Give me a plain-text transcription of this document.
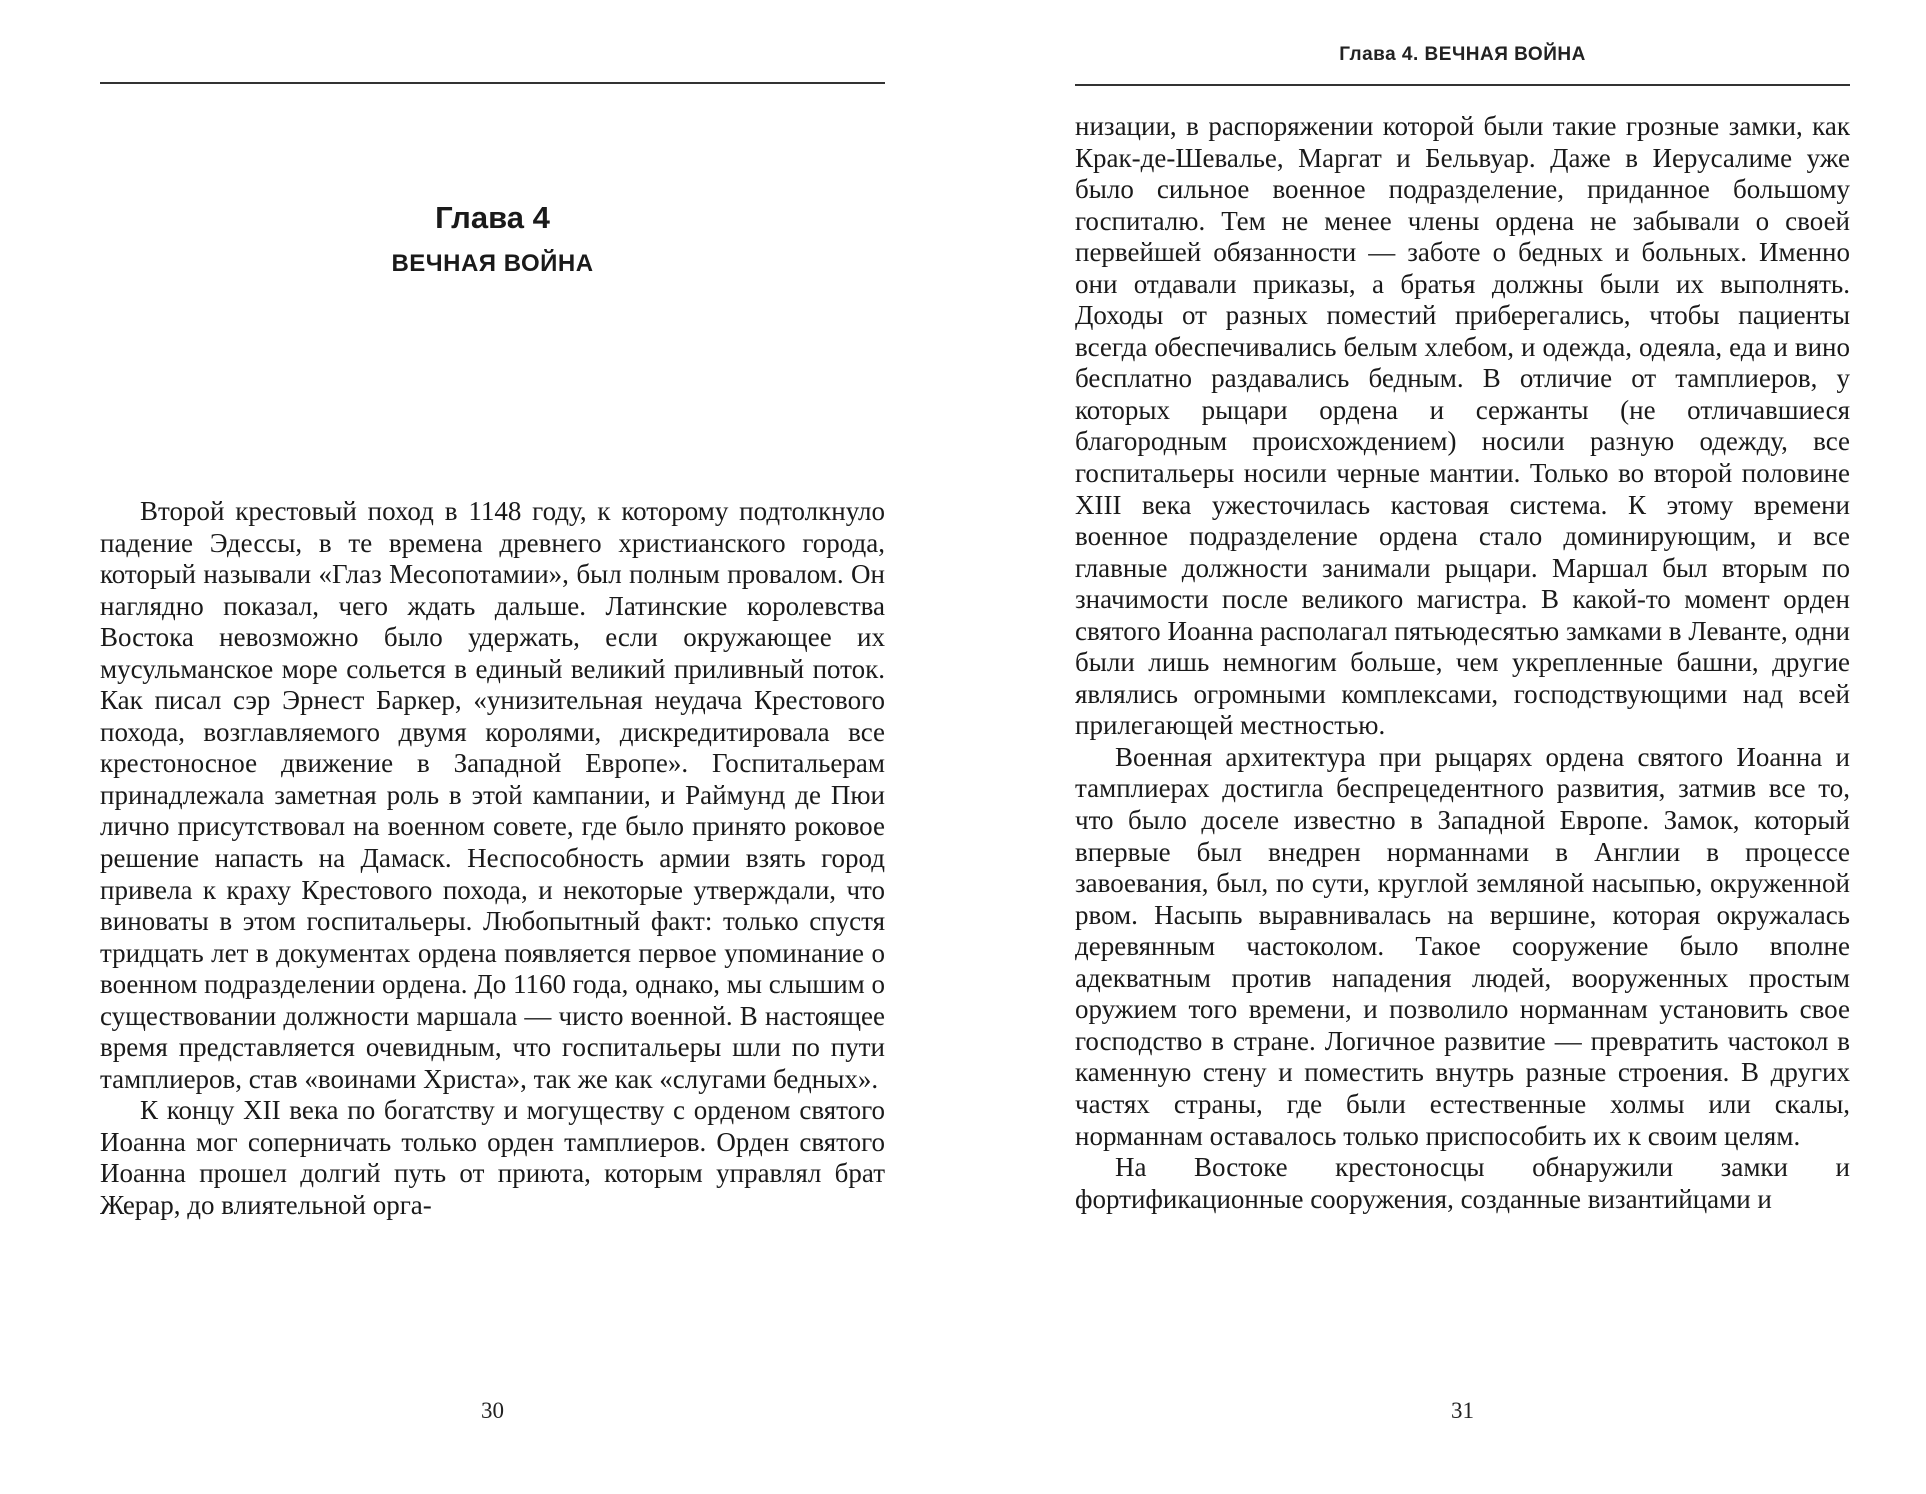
Глава 4
ВЕЧНАЯ ВОЙНА

Второй крестовый поход в 1148 году, к которому подтолкнуло падение Эдессы, в те времена древнего христианского города, который называли «Глаз Месопотамии», был полным провалом. Он наглядно показал, чего ждать дальше. Латинские королевства Востока невозможно было удержать, если окружающее их мусульманское море сольется в единый великий приливный поток. Как писал сэр Эрнест Баркер, «унизительная неудача Крестового похода, возглавляемого двумя королями, дискредитировала все крестоносное движение в Западной Европе». Госпитальерам принадлежала заметная роль в этой кампании, и Раймунд де Пюи лично присутствовал на военном совете, где было принято роковое решение напасть на Дамаск. Неспособность армии взять город привела к краху Крестового похода, и некоторые утверждали, что виноваты в этом госпитальеры. Любопытный факт: только спустя тридцать лет в документах ордена появляется первое упоминание о военном подразделении ордена. До 1160 года, однако, мы слышим о существовании должности маршала — чисто военной. В настоящее время представляется очевидным, что госпитальеры шли по пути тамплиеров, став «воинами Христа», так же как «слугами бедных».

К концу XII века по богатству и могуществу с орденом святого Иоанна мог соперничать только орден тамплиеров. Орден святого Иоанна прошел долгий путь от приюта, которым управлял брат Жерар, до влиятельной орга-

30
Глава 4. ВЕЧНАЯ ВОЙНА

низации, в распоряжении которой были такие грозные замки, как Крак-де-Шевалье, Маргат и Бельвуар. Даже в Иерусалиме уже было сильное военное подразделение, приданное большому госпиталю. Тем не менее члены ордена не забывали о своей первейшей обязанности — заботе о бедных и больных. Именно они отдавали приказы, а братья должны были их выполнять. Доходы от разных поместий приберегались, чтобы пациенты всегда обеспечивались белым хлебом, и одежда, одеяла, еда и вино бесплатно раздавались бедным. В отличие от тамплиеров, у которых рыцари ордена и сержанты (не отличавшиеся благородным происхождением) носили разную одежду, все госпитальеры носили черные мантии. Только во второй половине XIII века ужесточилась кастовая система. К этому времени военное подразделение ордена стало доминирующим, и все главные должности занимали рыцари. Маршал был вторым по значимости после великого магистра. В какой-то момент орден святого Иоанна располагал пятьюдесятью замками в Леванте, одни были лишь немногим больше, чем укрепленные башни, другие являлись огромными комплексами, господствующими над всей прилегающей местностью.

Военная архитектура при рыцарях ордена святого Иоанна и тамплиерах достигла беспрецедентного развития, затмив все то, что было доселе известно в Западной Европе. Замок, который впервые был внедрен норманнами в Англии в процессе завоевания, был, по сути, круглой земляной насыпью, окруженной рвом. Насыпь выравнивалась на вершине, которая окружалась деревянным частоколом. Такое сооружение было вполне адекватным против нападения людей, вооруженных простым оружием того времени, и позволило норманнам установить свое господство в стране. Логичное развитие — превратить частокол в каменную стену и поместить внутрь разные строения. В других частях страны, где были естественные холмы или скалы, норманнам оставалось только приспособить их к своим целям.

На Востоке крестоносцы обнаружили замки и фортификационные сооружения, созданные византийцами и

31
